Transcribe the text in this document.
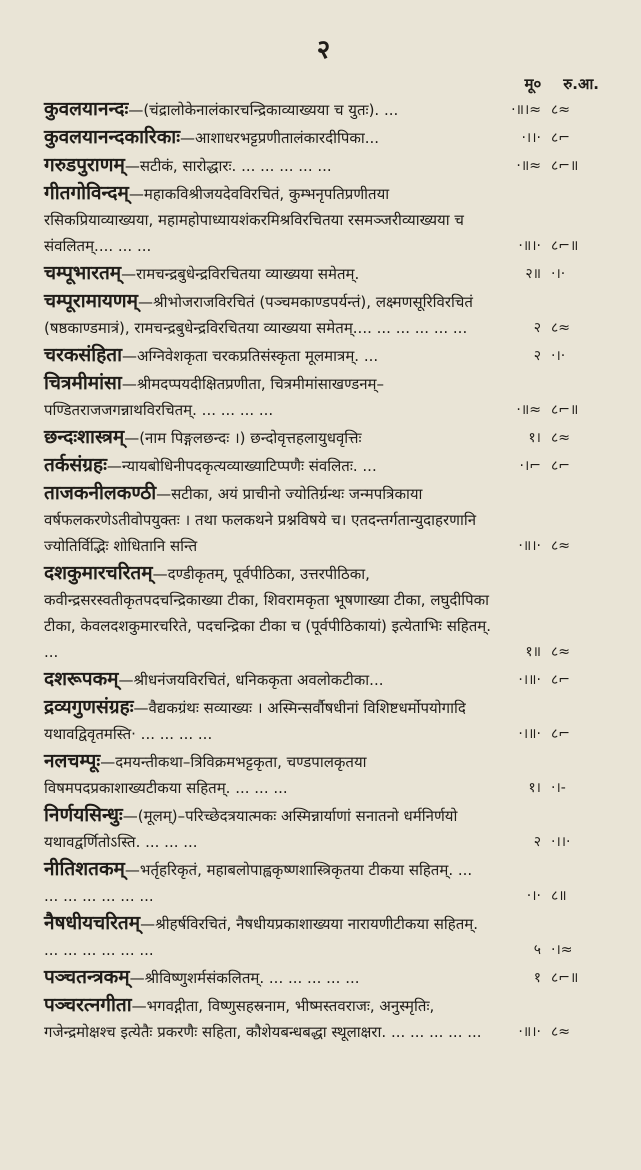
२
मू० रु.आ.
कुवलयानन्दः—(चंद्रालोकेनालंकारचन्द्रिकाव्याख्यया च युतः). ...	·॥।≈ ८≈
कुवलयानन्दकारिकाः—आशाधरभट्टप्रणीतालंकारदीपिका...	·।।· ८⌐
गरुडपुराणम्—सटीकं, सारोद्धारः. ... ... ... ... ...	·॥≈ ८⌐॥
गीतगोविन्दम्—महाकविश्रीजयदेवविरचितं, कुम्भनृपतिप्रणीतया रसिकप्रियाव्याख्यया, महामहोपाध्यायशंकरमिश्रविरचितया रसमञ्जरीव्याख्यया च संवलितम्.... ... ...	·॥।· ८⌐॥
चम्पूभारतम्—रामचन्द्रबुधेन्द्रविरचितया व्याख्यया समेतम्.	२॥ ·।·
चम्पूरामायणम्—श्रीभोजराजविरचितं (पञ्चमकाण्डपर्यन्तं), लक्ष्मणसूरिविरचितं (षष्ठकाण्डमात्रं), रामचन्द्रबुधेन्द्रविरचितया व्याख्यया समेतम्.... ... ... ... ... ...	२ ८≈
चरकसंहिता—अग्निवेशकृता चरकप्रतिसंस्कृता मूलमात्रम्. ...	२ ·।·
चित्रमीमांसा—श्रीमदप्पयदीक्षितप्रणीता, चित्रमीमांसाखण्डनम्–पण्डितराजजगन्नाथविरचितम्. ... ... ... ...	·॥≈ ८⌐॥
छन्दःशास्त्रम्—(नाम पिङ्गलछन्दः ।) छन्दोवृत्तहलायुधवृत्तिः	१। ८≈
तर्कसंग्रहः—न्यायबोधिनीपदकृत्यव्याख्याटिप्पणैः संवलितः. ...	·।⌐ ८⌐
ताजकनीलकण्ठी—सटीका, अयं प्राचीनो ज्योतिर्ग्रन्थः जन्मपत्रिकाया वर्षफलकरणेऽतीवोपयुक्तः । तथा फलकथने प्रश्नविषये च। एतदन्तर्गतान्युदाहरणानि ज्योतिर्विद्भिः शोधितानि सन्ति	·॥।· ८≈
दशकुमारचरितम्—दण्डीकृतम्, पूर्वपीठिका, उत्तरपीठिका, कवीन्द्रसरस्वतीकृतपदचन्द्रिकाख्या टीका, शिवरामकृता भूषणाख्या टीका, लघुदीपिका टीका, केवलदशकुमारचरिते, पदचन्द्रिका टीका च (पूर्वपीठिकायां) इत्येताभिः सहितम्. ...	१॥ ८≈
दशरूपकम्—श्रीधनंजयविरचितं, धनिककृता अवलोकटीका...	·।॥· ८⌐
द्रव्यगुणसंग्रहः—वैद्यकग्रंथः सव्याख्यः । अस्मिन्सर्वौषधीनां विशिष्टधर्मोपयोगादि यथावद्विवृतमस्ति· ... ... ... ...	·।॥· ८⌐
नलचम्पूः—दमयन्तीकथा–त्रिविक्रमभट्टकृता, चण्डपालकृतया विषमपदप्रकाशाख्यटीकया सहितम्. ... ... ...	१। ·।-
निर्णयसिन्धुः—(मूलम्)–परिच्छेदत्रयात्मकः अस्मिन्नार्याणां सनातनो धर्मनिर्णयो यथावद्वर्णितोऽस्ति. ... ... ...	२ ·।।·
नीतिशतकम्—भर्तृहरिकृतं, महाबलोपाह्वकृष्णशास्त्रिकृतया टीकया सहितम्. ... ... ... ... ... ... ...	·।· ८॥
नैषधीयचरितम्—श्रीहर्षविरचितं, नैषधीयप्रकाशाख्यया नारायणीटीकया सहितम्. ... ... ... ... ... ...	५ ·।≈
पञ्चतन्त्रकम्—श्रीविष्णुशर्मसंकलितम्. ... ... ... ... ...	१ ८⌐॥
पञ्चरत्नगीता—भगवद्गीता, विष्णुसहस्रनाम, भीष्मस्तवराजः, अनुस्मृतिः, गजेन्द्रमोक्षश्च इत्येतैः प्रकरणैः सहिता, कौशेयबन्धबद्धा स्थूलाक्षरा. ... ... ... ... ...	·॥।· ८≈
